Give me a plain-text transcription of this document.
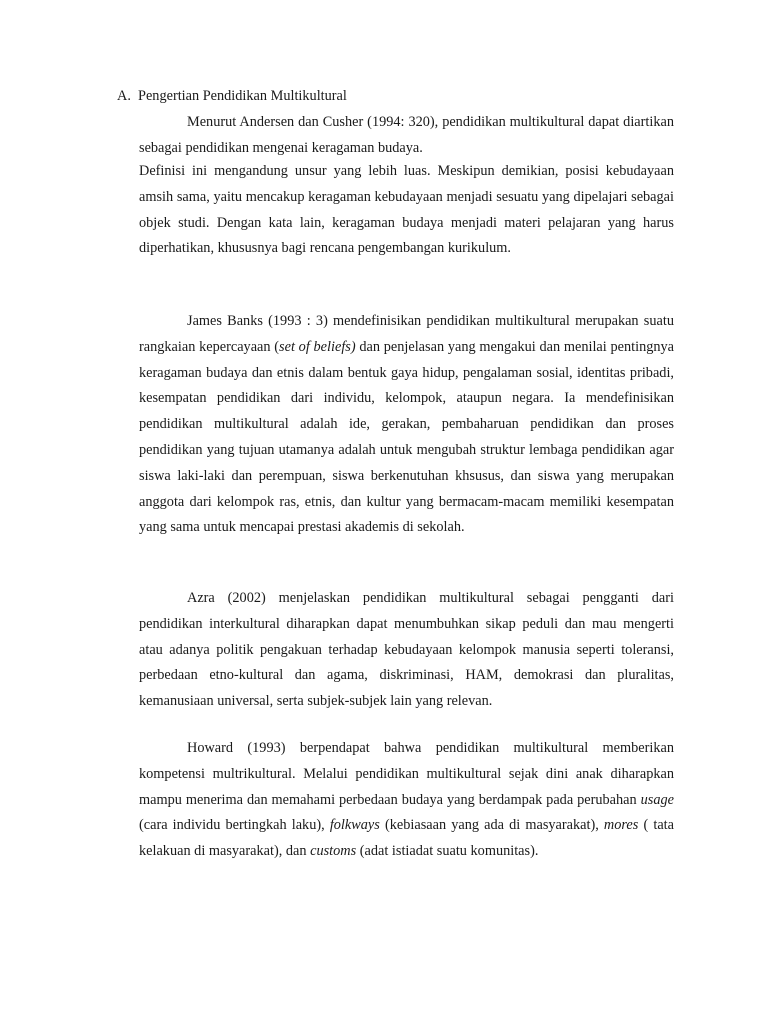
A. Pengertian Pendidikan Multikultural

Menurut Andersen dan Cusher (1994: 320), pendidikan multikultural dapat diartikan sebagai pendidikan mengenai keragaman budaya.

Definisi ini mengandung unsur yang lebih luas. Meskipun demikian, posisi kebudayaan amsih sama, yaitu mencakup keragaman kebudayaan menjadi sesuatu yang dipelajari sebagai objek studi. Dengan kata lain, keragaman budaya menjadi materi pelajaran yang harus diperhatikan, khususnya bagi rencana pengembangan kurikulum.

James Banks (1993 : 3) mendefinisikan pendidikan multikultural merupakan suatu rangkaian kepercayaan (set of beliefs) dan penjelasan yang mengakui dan menilai pentingnya keragaman budaya dan etnis dalam bentuk gaya hidup, pengalaman sosial, identitas pribadi, kesempatan pendidikan dari individu, kelompok, ataupun negara. Ia mendefinisikan pendidikan multikultural adalah ide, gerakan, pembaharuan pendidikan dan proses pendidikan yang tujuan utamanya adalah untuk mengubah struktur lembaga pendidikan agar siswa laki-laki dan perempuan, siswa berkenutuhan khsusus, dan siswa yang merupakan anggota dari kelompok ras, etnis, dan kultur yang bermacam-macam memiliki kesempatan yang sama untuk mencapai prestasi akademis di sekolah.

Azra (2002) menjelaskan pendidikan multikultural sebagai pengganti dari pendidikan interkultural diharapkan dapat menumbuhkan sikap peduli dan mau mengerti atau adanya politik pengakuan terhadap kebudayaan kelompok manusia seperti toleransi, perbedaan etno-kultural dan agama, diskriminasi, HAM, demokrasi dan pluralitas, kemanusiaan universal, serta subjek-subjek lain yang relevan.

Howard (1993) berpendapat bahwa pendidikan multikultural memberikan kompetensi multrikultural. Melalui pendidikan multikultural sejak dini anak diharapkan mampu menerima dan memahami perbedaan budaya yang berdampak pada perubahan usage (cara individu bertingkah laku), folkways (kebiasaan yang ada di masyarakat), mores ( tata kelakuan di masyarakat), dan customs (adat istiadat suatu komunitas).
